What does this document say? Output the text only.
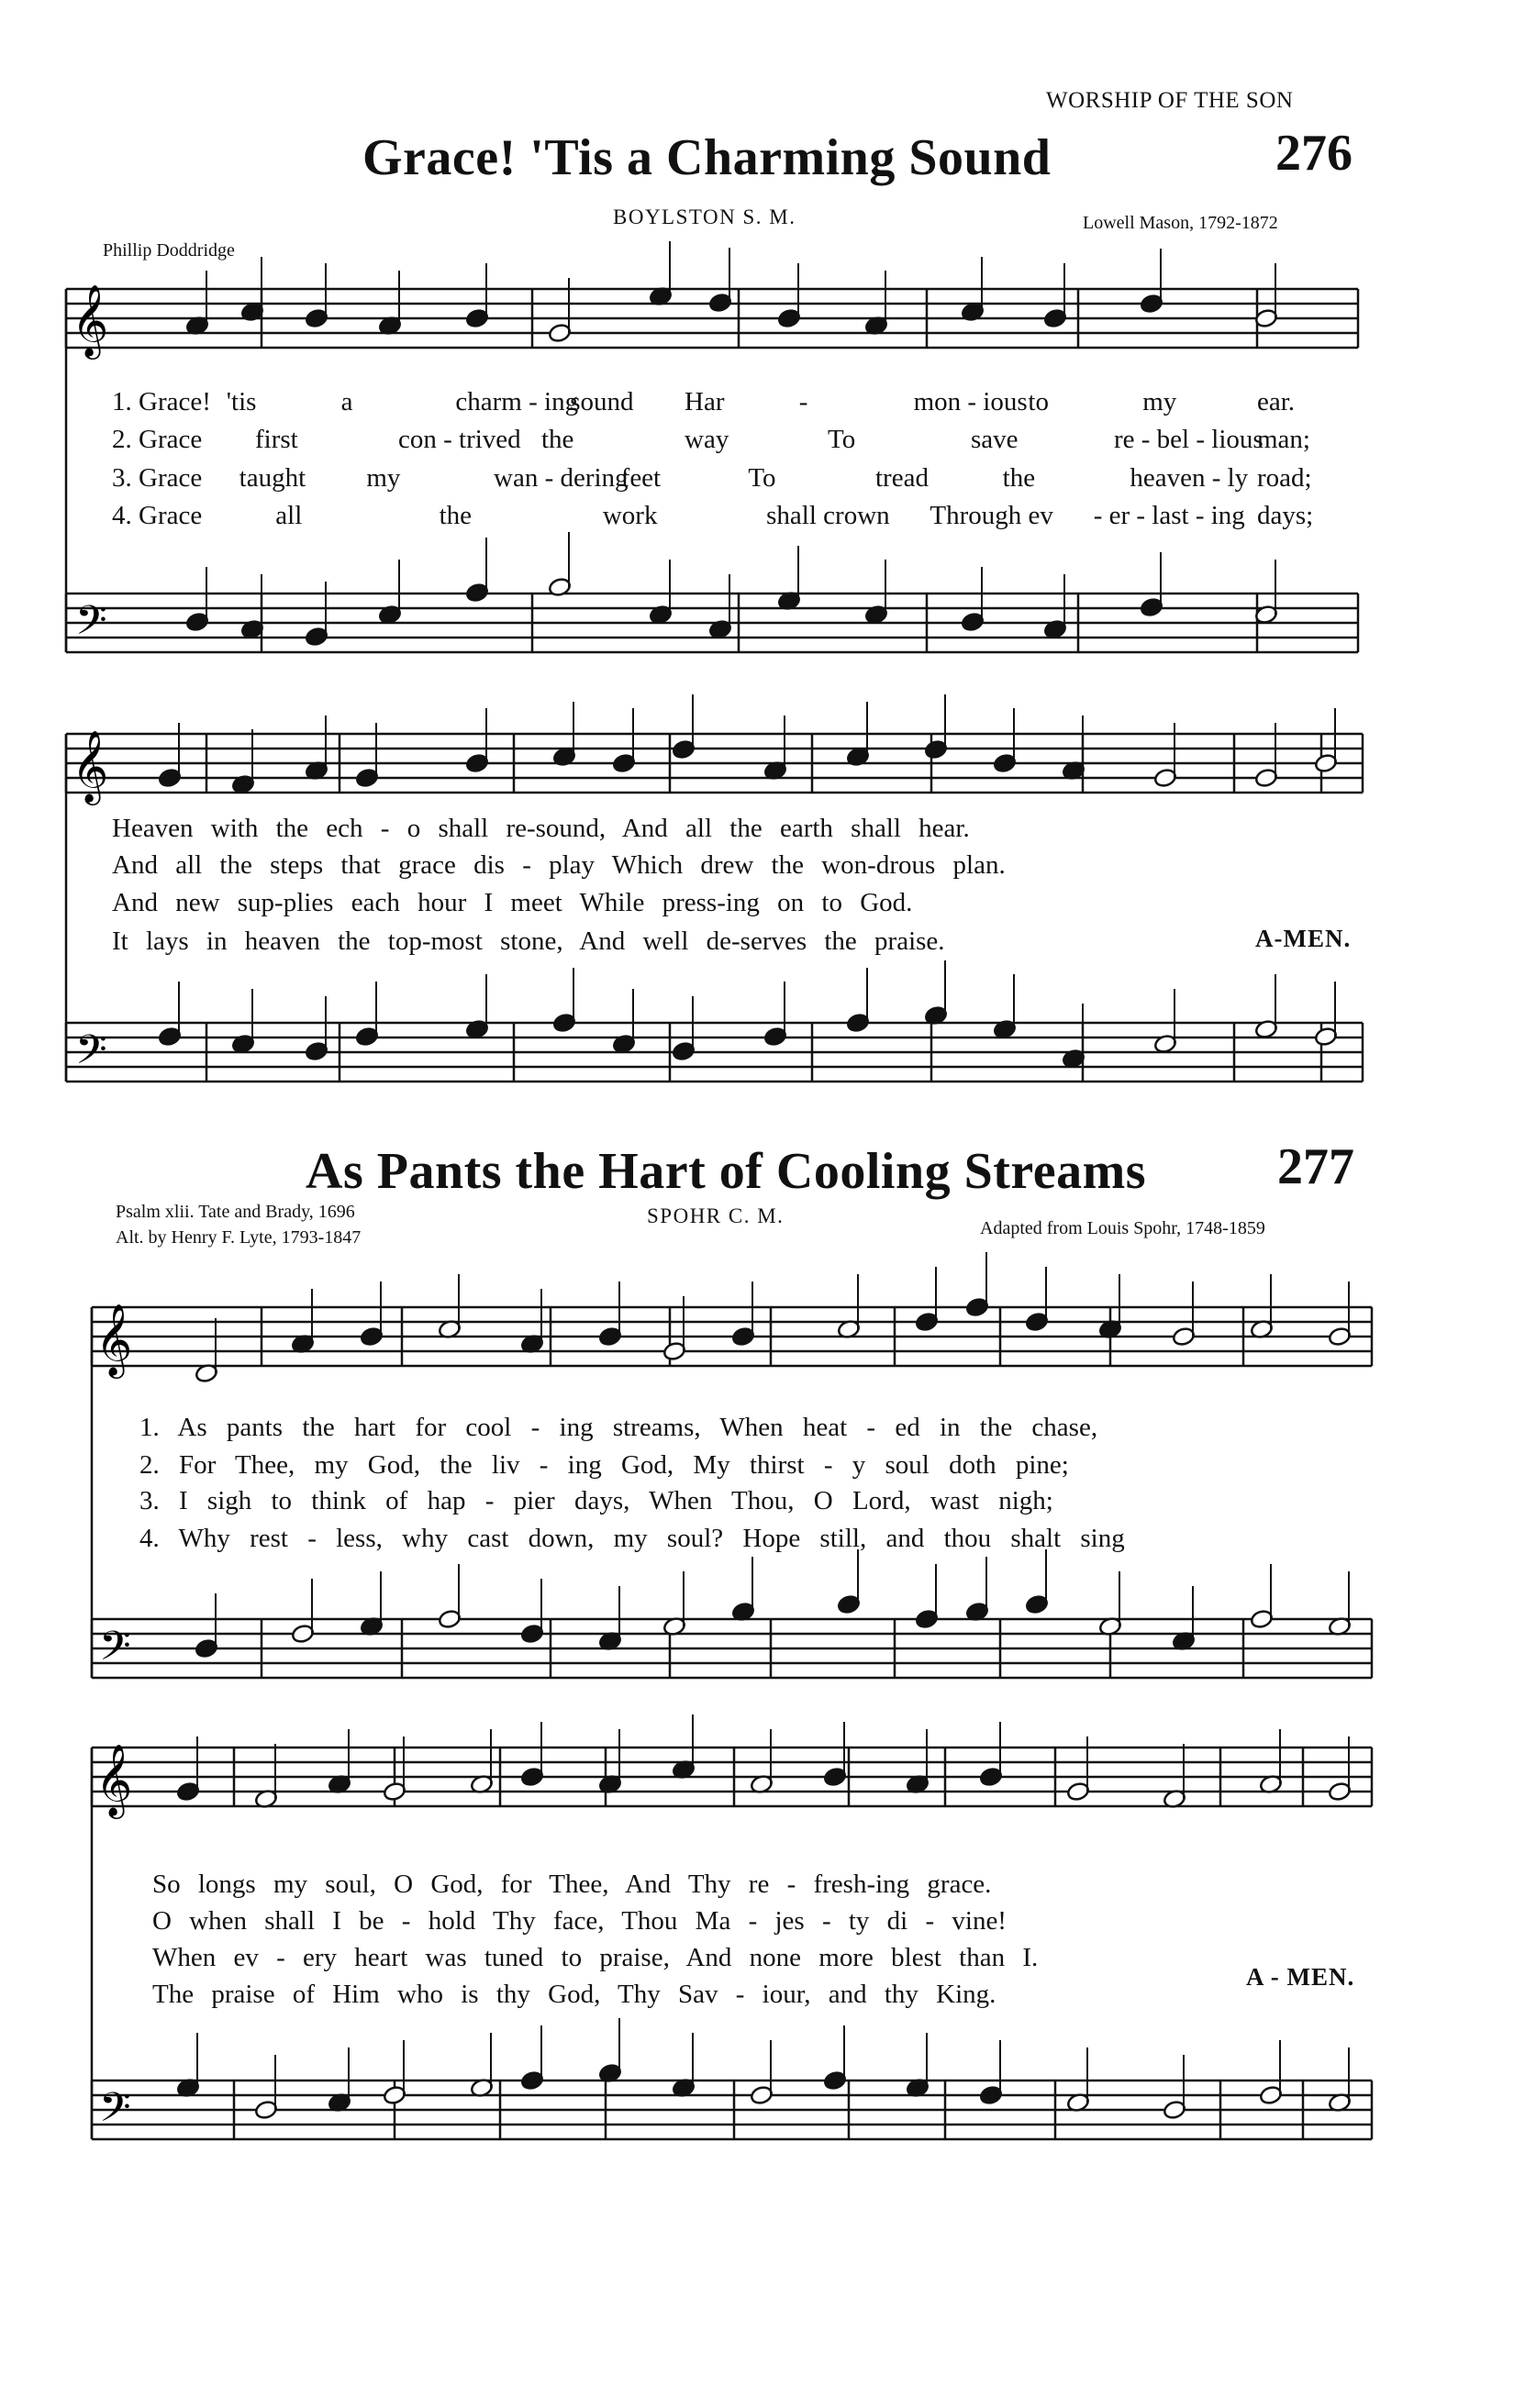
WORSHIP OF THE SON
Grace! 'Tis a Charming Sound	276
BOYLSTON S. M.
Phillip Doddridge
Lowell Mason, 1792-1872
As Pants the Hart of Cooling Streams	277
SPOHR C. M.
Psalm xlii. Tate and Brady, 1696
Alt. by Henry F. Lyte, 1793-1847	Adapted from Louis Spohr, 1748-1859
𝄞
𝄢
𝄞
𝄢
𝄞
𝄢
𝄞
𝄢
1. Grace! 'tis	a	charm - ing
sound Har	-	mon - ious to	my	ear.
2. Grace first	con - trived the	way	To	save	re - bel - lious
man;
3. Grace taught my	wan - dering
feet	To	tread	the	heaven - ly road;
4. Grace	all	the	work	shall crown Through ev - er - last - ing days;
Heaven with the ech - o shall re-sound, And all the earth shall hear.
And all the steps that grace dis - play Which drew the won-drous plan.
And new sup-plies each hour I meet While press-ing on to God.
It lays in heaven the top-most stone, And well de-serves the praise.	A-MEN.
1. As pants the hart for cool - ing streams, When heat - ed in the chase,
2. For Thee, my God, the liv - ing God, My thirst - y soul doth pine;
3. I sigh to think of hap - pier days, When Thou, O Lord, wast nigh;
4. Why rest - less, why cast down, my soul? Hope still, and thou shalt sing
So longs my soul, O God, for Thee, And Thy re - fresh-ing grace.
O when shall I be - hold Thy face, Thou Ma - jes - ty di - vine!
When ev - ery heart was tuned to praise, And none more blest than I.
The praise of Him who is thy God, Thy Sav - iour, and thy King.
A - MEN.
